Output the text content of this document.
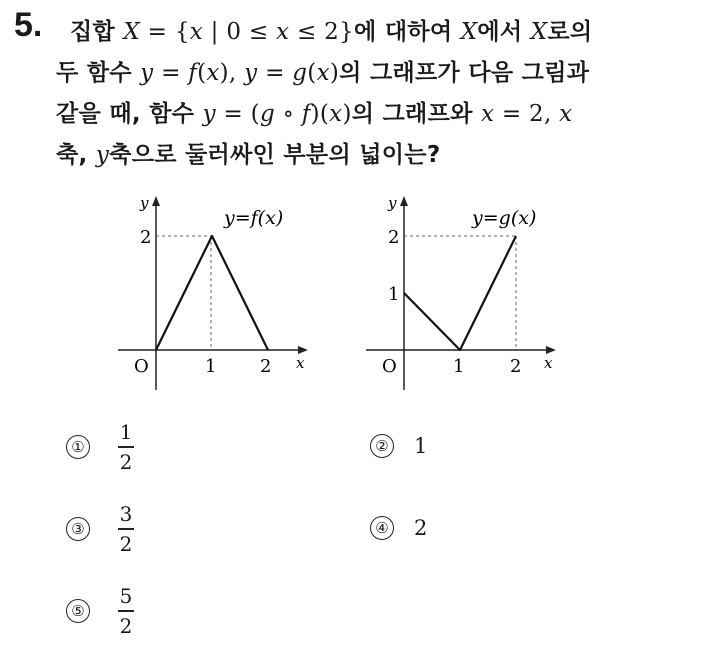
5. 집합 X = {x | 0 ≤ x ≤ 2}에 대하여 X에서 X로의
두 함수 y = f(x), y = g(x)의 그래프가 다음 그림과
같을 때, 함수 y = (g ∘ f)(x)의 그래프와 x = 2, x
축, y축으로 둘러싸인 부분의 넓이는?
y
x
O	1 2
2
y=f(x)
y
x
O	1	2
1
2
y=g(x)
① $\frac{1}{2}$	② 1
③ $\frac{3}{2}$	④ 2
⑤ $\frac{5}{2}$
